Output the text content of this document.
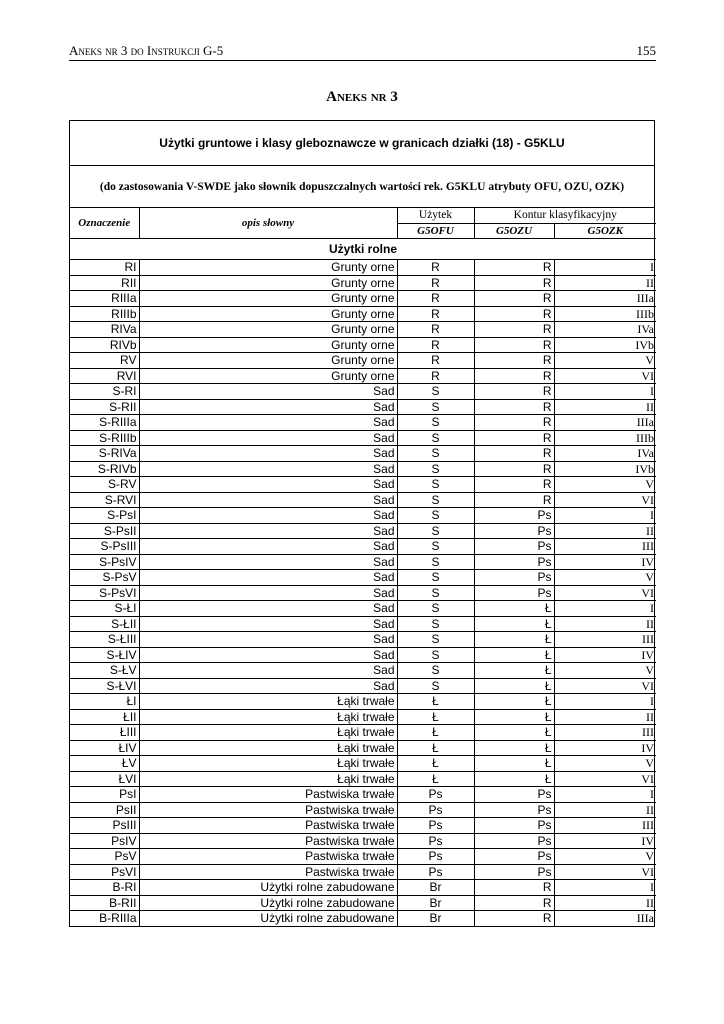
Aneks nr 3 do Instrukcji G-5	155
Aneks nr 3
Użytki gruntowe i klasy gleboznawcze w granicach działki (18) - G5KLU
(do zastosowania V-SWDE jako słownik dopuszczalnych wartości rek. G5KLU atrybuty OFU, OZU, OZK)
Oznaczenie	opis słowny	Użytek	Kontur klasyfikacyjny	
		G5OFU	G5OZU	G5OZK
Użytki rolne				
RI	Grunty orne	R	R	I
RII	Grunty orne	R	R	II
RIIIa	Grunty orne	R	R	IIIa
RIIIb	Grunty orne	R	R	IIIb
RIVa	Grunty orne	R	R	IVa
RIVb	Grunty orne	R	R	IVb
RV	Grunty orne	R	R	V
RVI	Grunty orne	R	R	VI
S-RI	Sad	S	R	I
S-RII	Sad	S	R	II
S-RIIIa	Sad	S	R	IIIa
S-RIIIb	Sad	S	R	IIIb
S-RIVa	Sad	S	R	IVa
S-RIVb	Sad	S	R	IVb
S-RV	Sad	S	R	V
S-RVI	Sad	S	R	VI
S-PsI	Sad	S	Ps	I
S-PsII	Sad	S	Ps	II
S-PsIII	Sad	S	Ps	III
S-PsIV	Sad	S	Ps	IV
S-PsV	Sad	S	Ps	V
S-PsVI	Sad	S	Ps	VI
S-ŁI	Sad	S	Ł	I
S-ŁII	Sad	S	Ł	II
S-ŁIII	Sad	S	Ł	III
S-ŁIV	Sad	S	Ł	IV
S-ŁV	Sad	S	Ł	V
S-ŁVI	Sad	S	Ł	VI
ŁI	Łąki trwałe	Ł	Ł	I
ŁII	Łąki trwałe	Ł	Ł	II
ŁIII	Łąki trwałe	Ł	Ł	III
ŁIV	Łąki trwałe	Ł	Ł	IV
ŁV	Łąki trwałe	Ł	Ł	V
ŁVI	Łąki trwałe	Ł	Ł	VI
PsI	Pastwiska trwałe	Ps	Ps	I
PsII	Pastwiska trwałe	Ps	Ps	II
PsIII	Pastwiska trwałe	Ps	Ps	III
PsIV	Pastwiska trwałe	Ps	Ps	IV
PsV	Pastwiska trwałe	Ps	Ps	V
PsVI	Pastwiska trwałe	Ps	Ps	VI
B-RI	Użytki rolne zabudowane	Br	R	I
B-RII	Użytki rolne zabudowane	Br	R	II
B-RIIIa	Użytki rolne zabudowane	Br	R	IIIa
